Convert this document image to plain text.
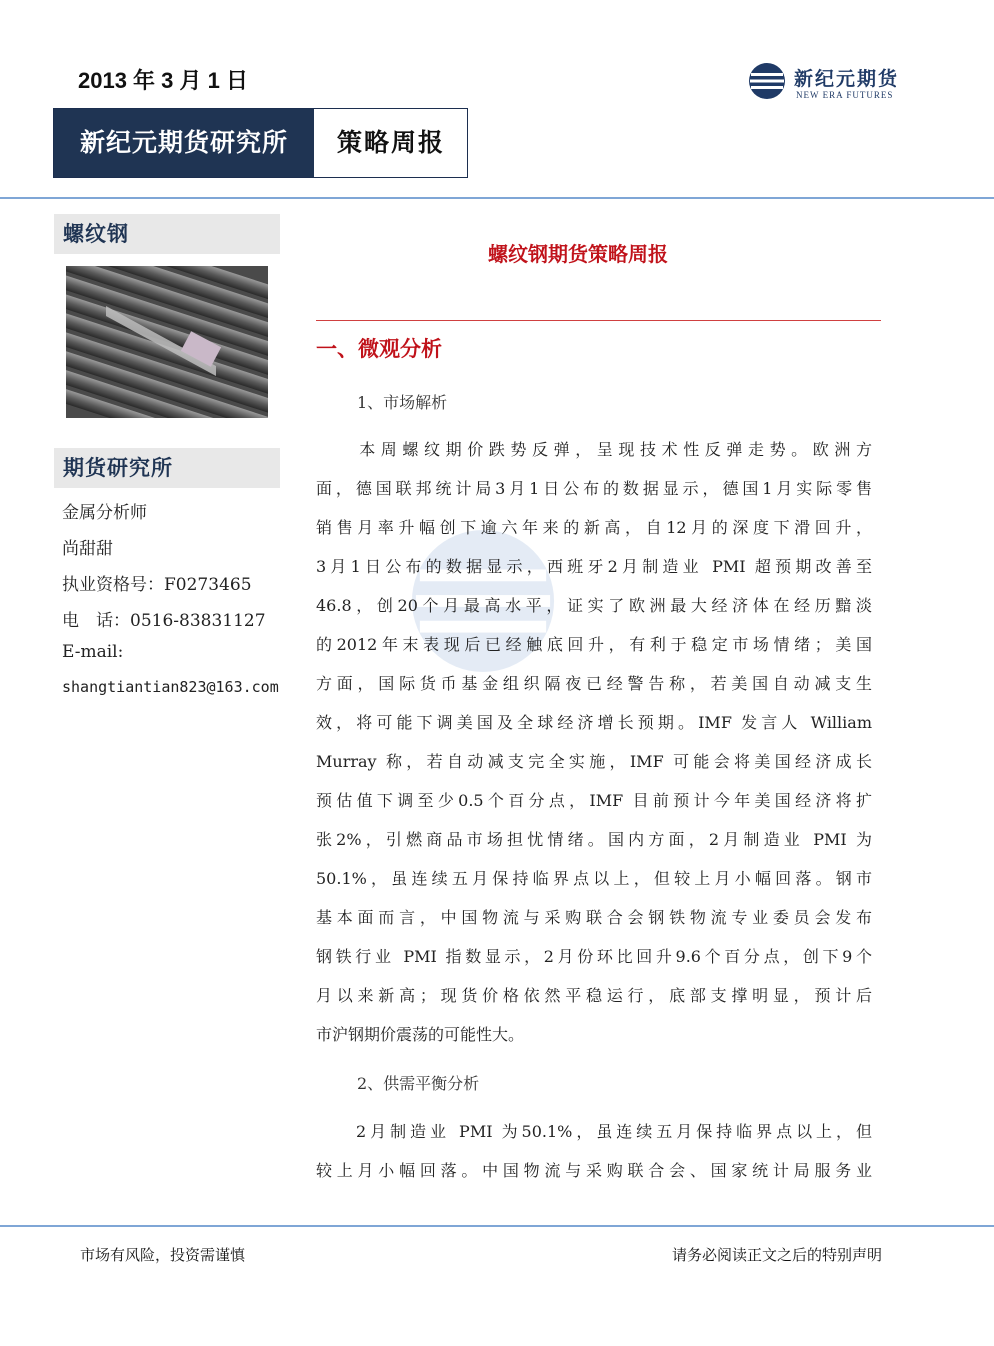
2013 年 3 月 1 日	新纪元期货
NEW ERA FUTURES
新纪元期货研究所	策略周报
螺纹钢
期货研究所
金属分析师
尚甜甜
执业资格号：F0273465
电　话：0516-83831127
E-mail:
shangtiantian823@163.com
螺纹钢期货策略周报
一、微观分析
1、市场解析
　　本周螺纹期价跌势反弹，呈现技术性反弹走势。欧洲方
面，德国联邦统计局3月1日公布的数据显示，德国1月实际零售
销售月率升幅创下逾六年来的新高，自12月的深度下滑回升，
3月1日公布的数据显示，西班牙2月制造业 PMI 超预期改善至
46.8，创20个月最高水平，证实了欧洲最大经济体在经历黯淡
的2012年末表现后已经触底回升，有利于稳定市场情绪；美国
方面，国际货币基金组织隔夜已经警告称，若美国自动减支生
效，将可能下调美国及全球经济增长预期。IMF 发言人 William
Murray 称，若自动减支完全实施，IMF 可能会将美国经济成长
预估值下调至少0.5个百分点，IMF 目前预计今年美国经济将扩
张2%，引燃商品市场担忧情绪。国内方面，2月制造业 PMI 为
50.1%，虽连续五月保持临界点以上，但较上月小幅回落。钢市
基本面而言，中国物流与采购联合会钢铁物流专业委员会发布
钢铁行业 PMI 指数显示，2月份环比回升9.6个百分点，创下9个
月以来新高；现货价格依然平稳运行，底部支撑明显，预计后
市沪钢期价震荡的可能性大。
2、供需平衡分析
　　2月制造业 PMI 为50.1%，虽连续五月保持临界点以上，但
较上月小幅回落。中国物流与采购联合会、国家统计局服务业
市场有风险，投资需谨慎	请务必阅读正文之后的特别声明
